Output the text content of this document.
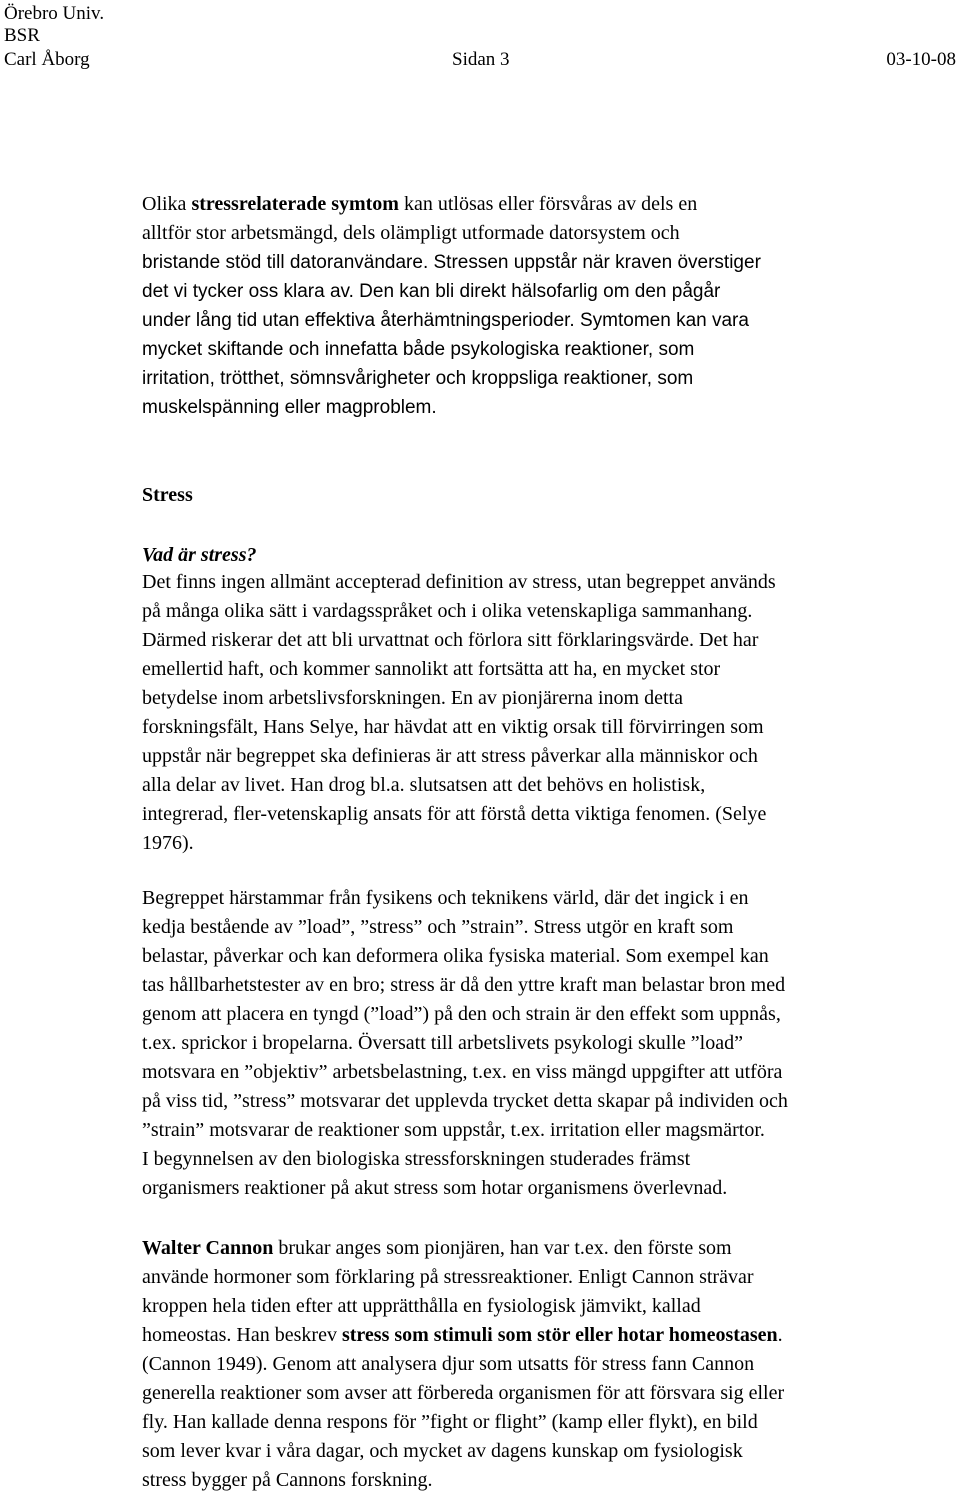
Örebro Univ.
BSR
Carl Åborg	Sidan 3	03-10-08
Olika stressrelaterade symtom kan utlösas eller försvåras av dels en
alltför stor arbetsmängd, dels olämpligt utformade datorsystem och
bristande stöd till datoranvändare. Stressen uppstår när kraven överstiger
det vi tycker oss klara av. Den kan bli direkt hälsofarlig om den pågår
under lång tid utan effektiva återhämtningsperioder. Symtomen kan vara
mycket skiftande och innefatta både psykologiska reaktioner, som
irritation, trötthet, sömnsvårigheter och kroppsliga reaktioner, som
muskelspänning eller magproblem.
Stress
Vad är stress?
Det finns ingen allmänt accepterad definition av stress, utan begreppet används
på många olika sätt i vardagsspråket och i olika vetenskapliga sammanhang.
Därmed riskerar det att bli urvattnat och förlora sitt förklaringsvärde. Det har
emellertid haft, och kommer sannolikt att fortsätta att ha, en mycket stor
betydelse inom arbetslivsforskningen. En av pionjärerna inom detta
forskningsfält, Hans Selye, har hävdat att en viktig orsak till förvirringen som
uppstår när begreppet ska definieras är att stress påverkar alla människor och
alla delar av livet. Han drog bl.a. slutsatsen att det behövs en holistisk,
integrerad, fler-vetenskaplig ansats för att förstå detta viktiga fenomen. (Selye
1976).
Begreppet härstammar från fysikens och teknikens värld, där det ingick i en
kedja bestående av ”load”, ”stress” och ”strain”. Stress utgör en kraft som
belastar, påverkar och kan deformera olika fysiska material. Som exempel kan
tas hållbarhetstester av en bro; stress är då den yttre kraft man belastar bron med
genom att placera en tyngd (”load”) på den och strain är den effekt som uppnås,
t.ex. sprickor i bropelarna. Översatt till arbetslivets psykologi skulle ”load”
motsvara en ”objektiv” arbetsbelastning, t.ex. en viss mängd uppgifter att utföra
på viss tid, ”stress” motsvarar det upplevda trycket detta skapar på individen och
”strain” motsvarar de reaktioner som uppstår, t.ex. irritation eller magsmärtor.
I begynnelsen av den biologiska stressforskningen studerades främst
organismers reaktioner på akut stress som hotar organismens överlevnad.
Walter Cannon brukar anges som pionjären, han var t.ex. den förste som
använde hormoner som förklaring på stressreaktioner. Enligt Cannon strävar
kroppen hela tiden efter att upprätthålla en fysiologisk jämvikt, kallad
homeostas. Han beskrev stress som stimuli som stör eller hotar homeostasen.
(Cannon 1949). Genom att analysera djur som utsatts för stress fann Cannon
generella reaktioner som avser att förbereda organismen för att försvara sig eller
fly. Han kallade denna respons för ”fight or flight” (kamp eller flykt), en bild
som lever kvar i våra dagar, och mycket av dagens kunskap om fysiologisk
stress bygger på Cannons forskning.
